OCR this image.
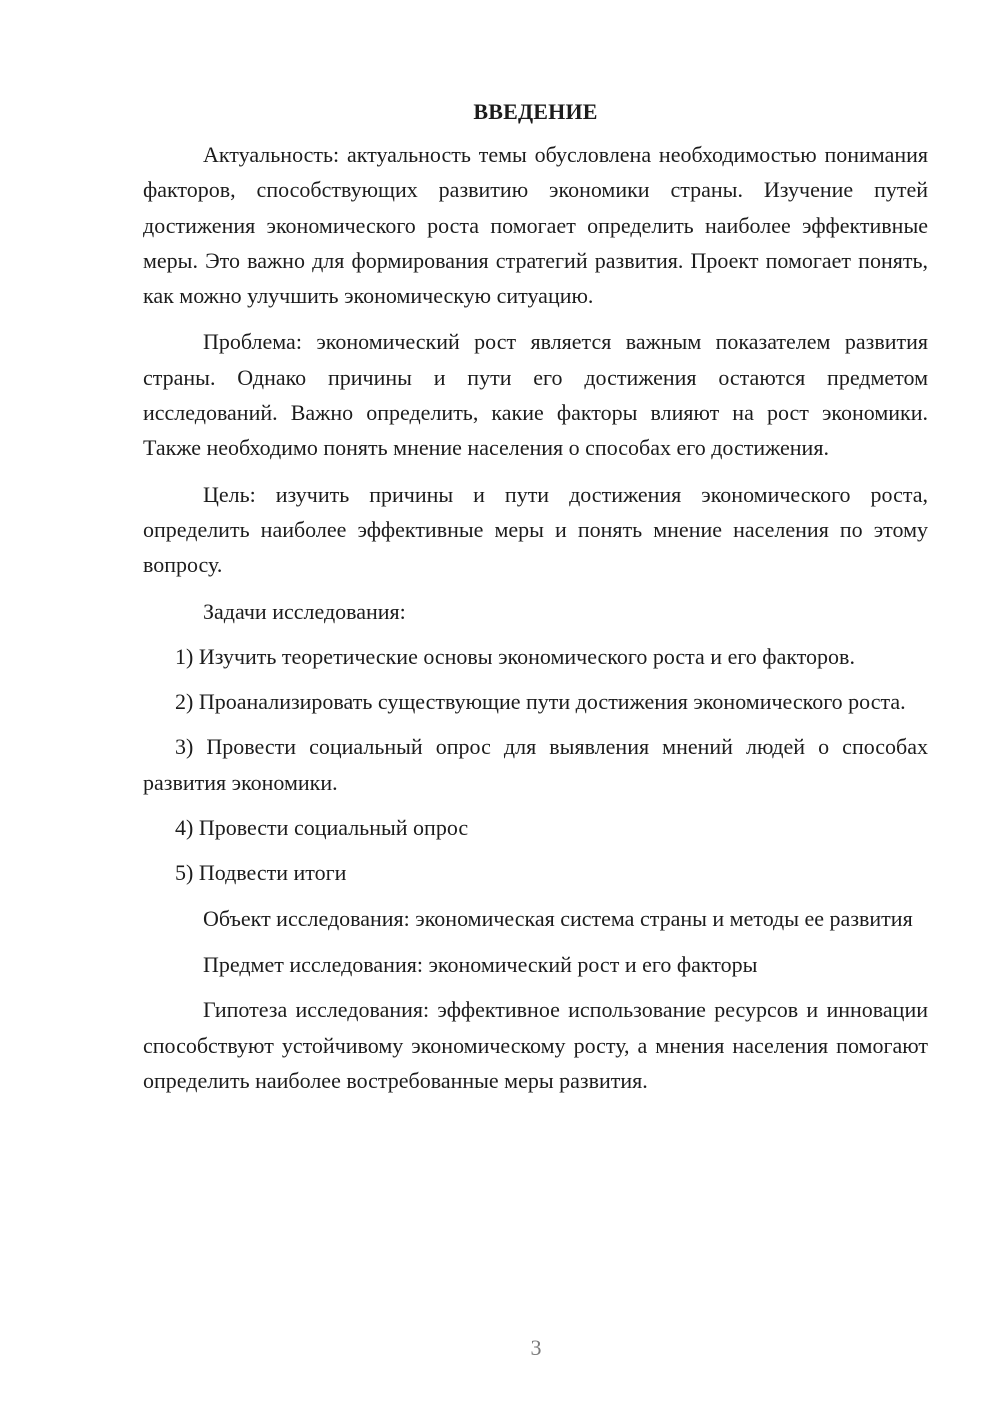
ВВЕДЕНИЕ
Актуальность: актуальность темы обусловлена необходимостью понимания факторов, способствующих развитию экономики страны. Изучение путей достижения экономического роста помогает определить наиболее эффективные меры. Это важно для формирования стратегий развития. Проект помогает понять, как можно улучшить экономическую ситуацию.
Проблема: экономический рост является важным показателем развития страны. Однако причины и пути его достижения остаются предметом исследований. Важно определить, какие факторы влияют на рост экономики. Также необходимо понять мнение населения о способах его достижения.
Цель: изучить причины и пути достижения экономического роста, определить наиболее эффективные меры и понять мнение населения по этому вопросу.
Задачи исследования:
1) Изучить теоретические основы экономического роста и его факторов.
2) Проанализировать существующие пути достижения экономического роста.
3) Провести социальный опрос для выявления мнений людей о способах развития экономики.
4) Провести социальный опрос
5) Подвести итоги
Объект исследования: экономическая система страны и методы ее развития
Предмет исследования: экономический рост и его факторы
Гипотеза исследования: эффективное использование ресурсов и инновации способствуют устойчивому экономическому росту, а мнения населения помогают определить наиболее востребованные меры развития.
3
